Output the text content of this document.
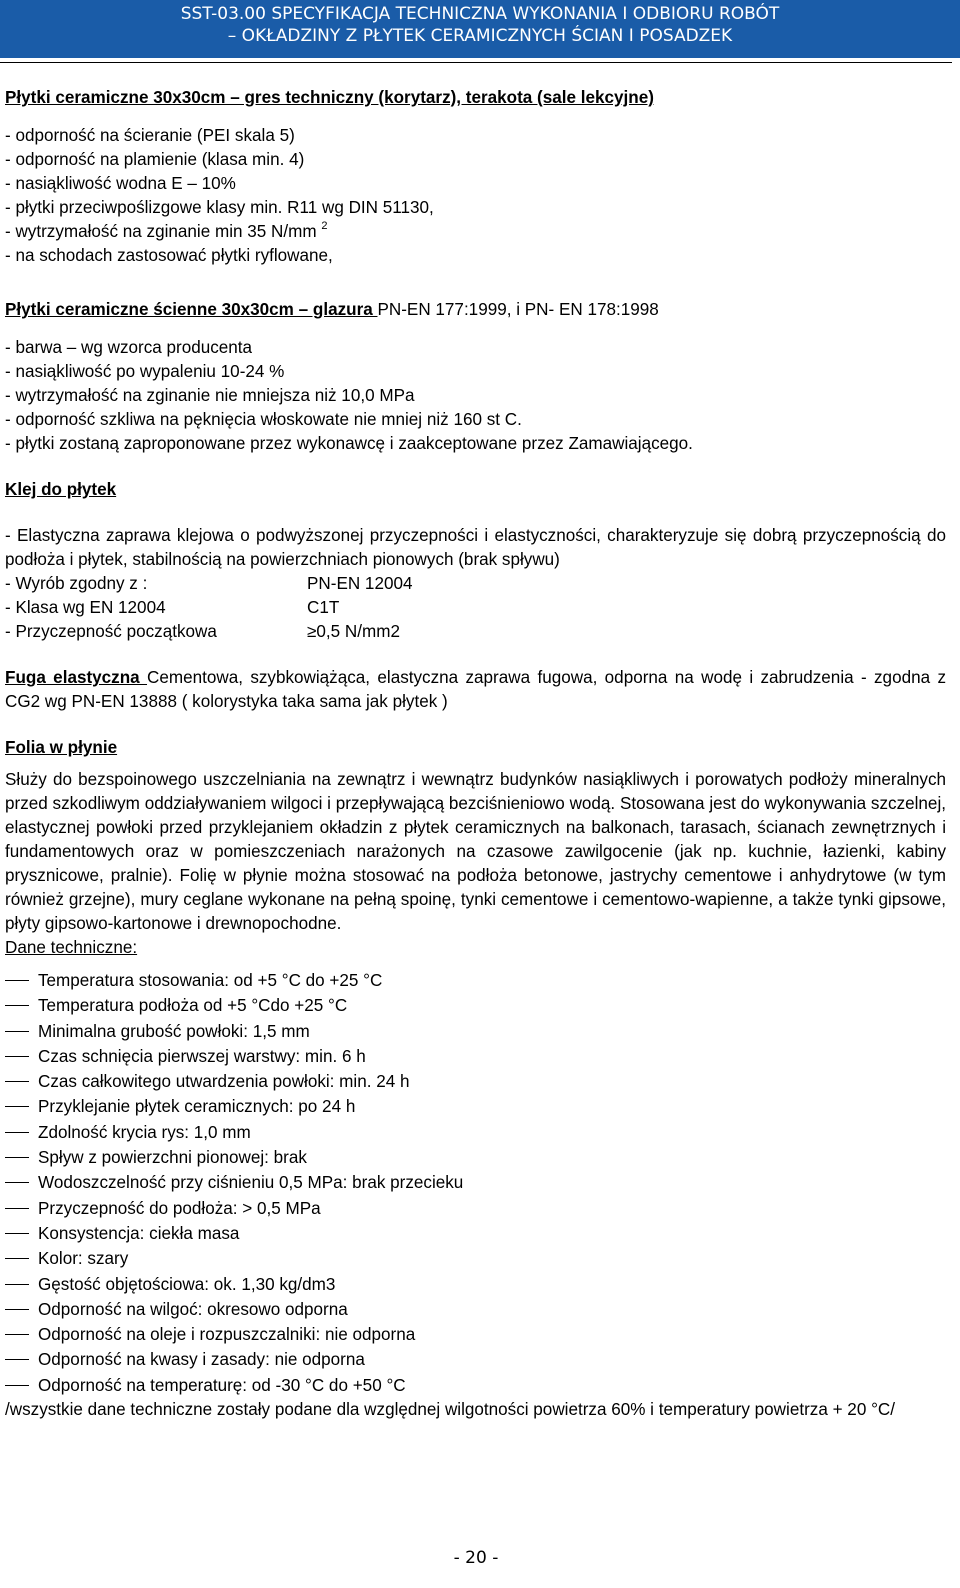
SST-03.00 SPECYFIKACJA TECHNICZNA WYKONANIA I ODBIORU ROBÓT
– OKŁADZINY Z PŁYTEK CERAMICZNYCH ŚCIAN I POSADZEK

Płytki ceramiczne 30x30cm – gres techniczny (korytarz), terakota (sale lekcyjne)

- odporność na ścieranie (PEI skala 5)

- odporność na plamienie (klasa min. 4)

- nasiąkliwość wodna E – 10%

- płytki przeciwpoślizgowe klasy min. R11 wg DIN 51130,

- wytrzymałość na zginanie min 35 N/mm $^2$

- na schodach zastosować płytki ryflowane,

Płytki ceramiczne ścienne 30x30cm – glazura PN-EN 177:1999, i PN- EN 178:1998

- barwa – wg wzorca producenta

- nasiąkliwość po wypaleniu 10-24 %

- wytrzymałość na zginanie nie mniejsza niż 10,0 MPa

- odporność szkliwa na pęknięcia włoskowate nie mniej niż 160 st C.

- płytki zostaną zaproponowane przez wykonawcę i zaakceptowane przez Zamawiającego.

Klej do płytek

- Elastyczna zaprawa klejowa o podwyższonej przyczepności i elastyczności, charakteryzuje się dobrą przyczepnością do podłoża i płytek, stabilnością na powierzchniach pionowych (brak spływu)

- Wyrób zgodny z :	PN-EN 12004
- Klasa wg EN 12004	C1T
- Przyczepność początkowa	≥0,5 N/mm2

Fuga elastyczna Cementowa, szybkowiążąca, elastyczna zaprawa fugowa, odporna na wodę i zabrudzenia - zgodna z CG2 wg PN-EN 13888 ( kolorystyka taka sama jak płytek )

Folia w płynie

Służy do bezspoinowego uszczelniania na zewnątrz i wewnątrz budynków nasiąkliwych i porowatych podłoży mineralnych przed szkodliwym oddziaływaniem wilgoci i przepływającą bezciśnieniowo wodą. Stosowana jest do wykonywania szczelnej, elastycznej powłoki przed przyklejaniem okładzin z płytek ceramicznych na balkonach, tarasach, ścianach zewnętrznych i fundamentowych oraz w pomieszczeniach narażonych na czasowe zawilgocenie (jak np. kuchnie, łazienki, kabiny prysznicowe, pralnie). Folię w płynie można stosować na podłoża betonowe, jastrychy cementowe i anhydrytowe (w tym również grzejne), mury ceglane wykonane na pełną spoinę, tynki cementowe i cementowo-wapienne, a także tynki gipsowe, płyty gipsowo-kartonowe i drewnopochodne.

Dane techniczne:

Temperatura stosowania: od +5 °C do +25 °C
Temperatura podłoża od +5 °Cdo +25 °C
Minimalna grubość powłoki: 1,5 mm
Czas schnięcia pierwszej warstwy: min. 6 h
Czas całkowitego utwardzenia powłoki: min. 24 h
Przyklejanie płytek ceramicznych: po 24 h
Zdolność krycia rys: 1,0 mm
Spływ z powierzchni pionowej: brak
Wodoszczelność przy ciśnieniu 0,5 MPa: brak przecieku
Przyczepność do podłoża: > 0,5 MPa
Konsystencja: ciekła masa
Kolor: szary
Gęstość objętościowa: ok. 1,30 kg/dm3
Odporność na wilgoć: okresowo odporna
Odporność na oleje i rozpuszczalniki: nie odporna
Odporność na kwasy i zasady: nie odporna
Odporność na temperaturę: od -30 °C do +50 °C

/wszystkie dane techniczne zostały podane dla względnej wilgotności powietrza 60% i temperatury powietrza + 20 °C/

- 20 -
